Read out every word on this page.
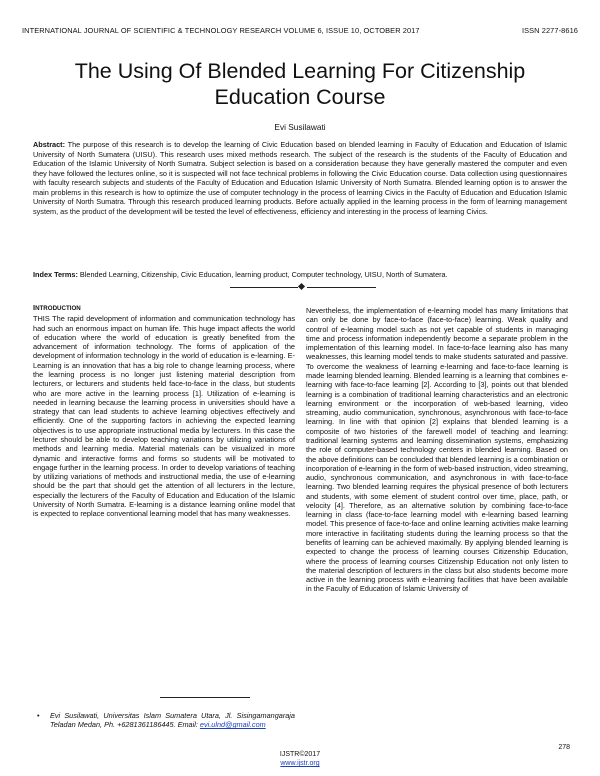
INTERNATIONAL JOURNAL OF SCIENTIFIC & TECHNOLOGY RESEARCH VOLUME 6, ISSUE 10, OCTOBER 2017	ISSN 2277-8616
The Using Of Blended Learning For Citizenship Education Course
Evi Susilawati
Abstract: The purpose of this research is to develop the learning of Civic Education based on blended learning in Faculty of Education and Education of Islamic University of North Sumatera (UISU). This research uses mixed methods research. The subject of the research is the students of the Faculty of Education and Education of the Islamic University of North Sumatra. Subject selection is based on a consideration because they have generally mastered the computer and even they have followed the lectures online, so it is suspected will not face technical problems in following the Civic Education course. Data collection using questionnaires with faculty research subjects and students of the Faculty of Education and Education Islamic University of North Sumatra. Blended learning option is to answer the main problems in this research is how to optimize the use of computer technology in the process of learning Civics in the Faculty of Education and Education Islamic University of North Sumatra. Through this research produced learning products. Before actually applied in the learning process in the form of learning management system, as the product of the development will be tested the level of effectiveness, efficiency and interesting in the process of learning Civics.
Index Terms: Blended Learning, Citizenship, Civic Education, learning product, Computer technology, UISU, North of Sumatera.
INTRODUCTION

THIS The rapid development of information and communication technology has had such an enormous impact on human life. This huge impact affects the world of education where the world of education is greatly benefited from the advancement of information technology. The forms of application of the development of information technology in the world of education is e-learning. E-Learning is an innovation that has a big role to change learning process, where the learning process is no longer just listening material description from lecturers, or lecturers and students held face-to-face in the class, but students who are more active in the learning process [1]. Utilization of e-learning is needed in learning because the learning process in universities should have a strategy that can lead students to achieve learning objectives effectively and efficiently. One of the supporting factors in achieving the expected learning objectives is to use appropriate instructional media by lecturers. In this case the lecturer should be able to develop teaching variations by utilizing variations of methods and learning media. Material materials can be visualized in more dynamic and interactive forms and forms so students will be motivated to engage further in the learning process. In order to develop variations of teaching by utilizing variations of methods and instructional media, the use of e-learning should be the part that should get the attention of all lecturers in the lecture, especially the lecturers of the Faculty of Education and Education of the Islamic University of North Sumatra. E-learning is a distance learning online model that is expected to replace conventional learning model that has many weaknesses.

Nevertheless, the implementation of e-learning model has many limitations that can only be done by face-to-face (face-to-face) learning. Weak quality and control of e-learning model such as not yet capable of students in managing time and process information independently become a separate problem in the implementation of this learning model. In face-to-face learning also has many weaknesses, this learning model tends to make students saturated and passive. To overcome the weakness of learning e-learning and face-to-face learning is made learning blended learning. Blended learning is a learning that combines e-learning with face-to-face learning [2]. According to [3], points out that blended learning is a combination of traditional learning characteristics and an electronic learning environment or the incorporation of web-based learning, video streaming, audio communication, synchronous, asynchronous with face-to-face learning. In line with that opinion [2] explains that blended learning is a composite of two histories of the farewell model of teaching and learning: traditional learning systems and learning dissemination systems, emphasizing the role of computer-based technology centers in blended learning. Based on the above definitions can be concluded that blended learning is a combination or incorporation of e-learning in the form of web-based instruction, video streaming, audio, synchronous communication, and asynchronous in with face-to-face learning. Two blended learning requires the physical presence of both lecturers and students, with some element of student control over time, place, path, or velocity [4]. Therefore, as an alternative solution by combining face-to-face learning in class (face-to-face learning model with e-learning based learning model. This presence of face-to-face and online learning activities make learning more interactive in facilitating students during the learning process so that the benefits of learning can be achieved maximally. By applying blended learning is expected to change the process of learning courses Citizenship Education, where the process of learning courses Citizenship Education not only listen to the material description of lecturers in the class but also students become more active in the learning process with e-learning facilities that have been available in the Faculty of Education of Islamic University of

• Evi Susilawati, Universitas Islam Sumatera Utara, Jl. Sisingamangaraja Teladan Medan, Ph. +6281361186445. Email: evi.ulnd@gmail.com
278
IJSTR©2017
www.ijstr.org
